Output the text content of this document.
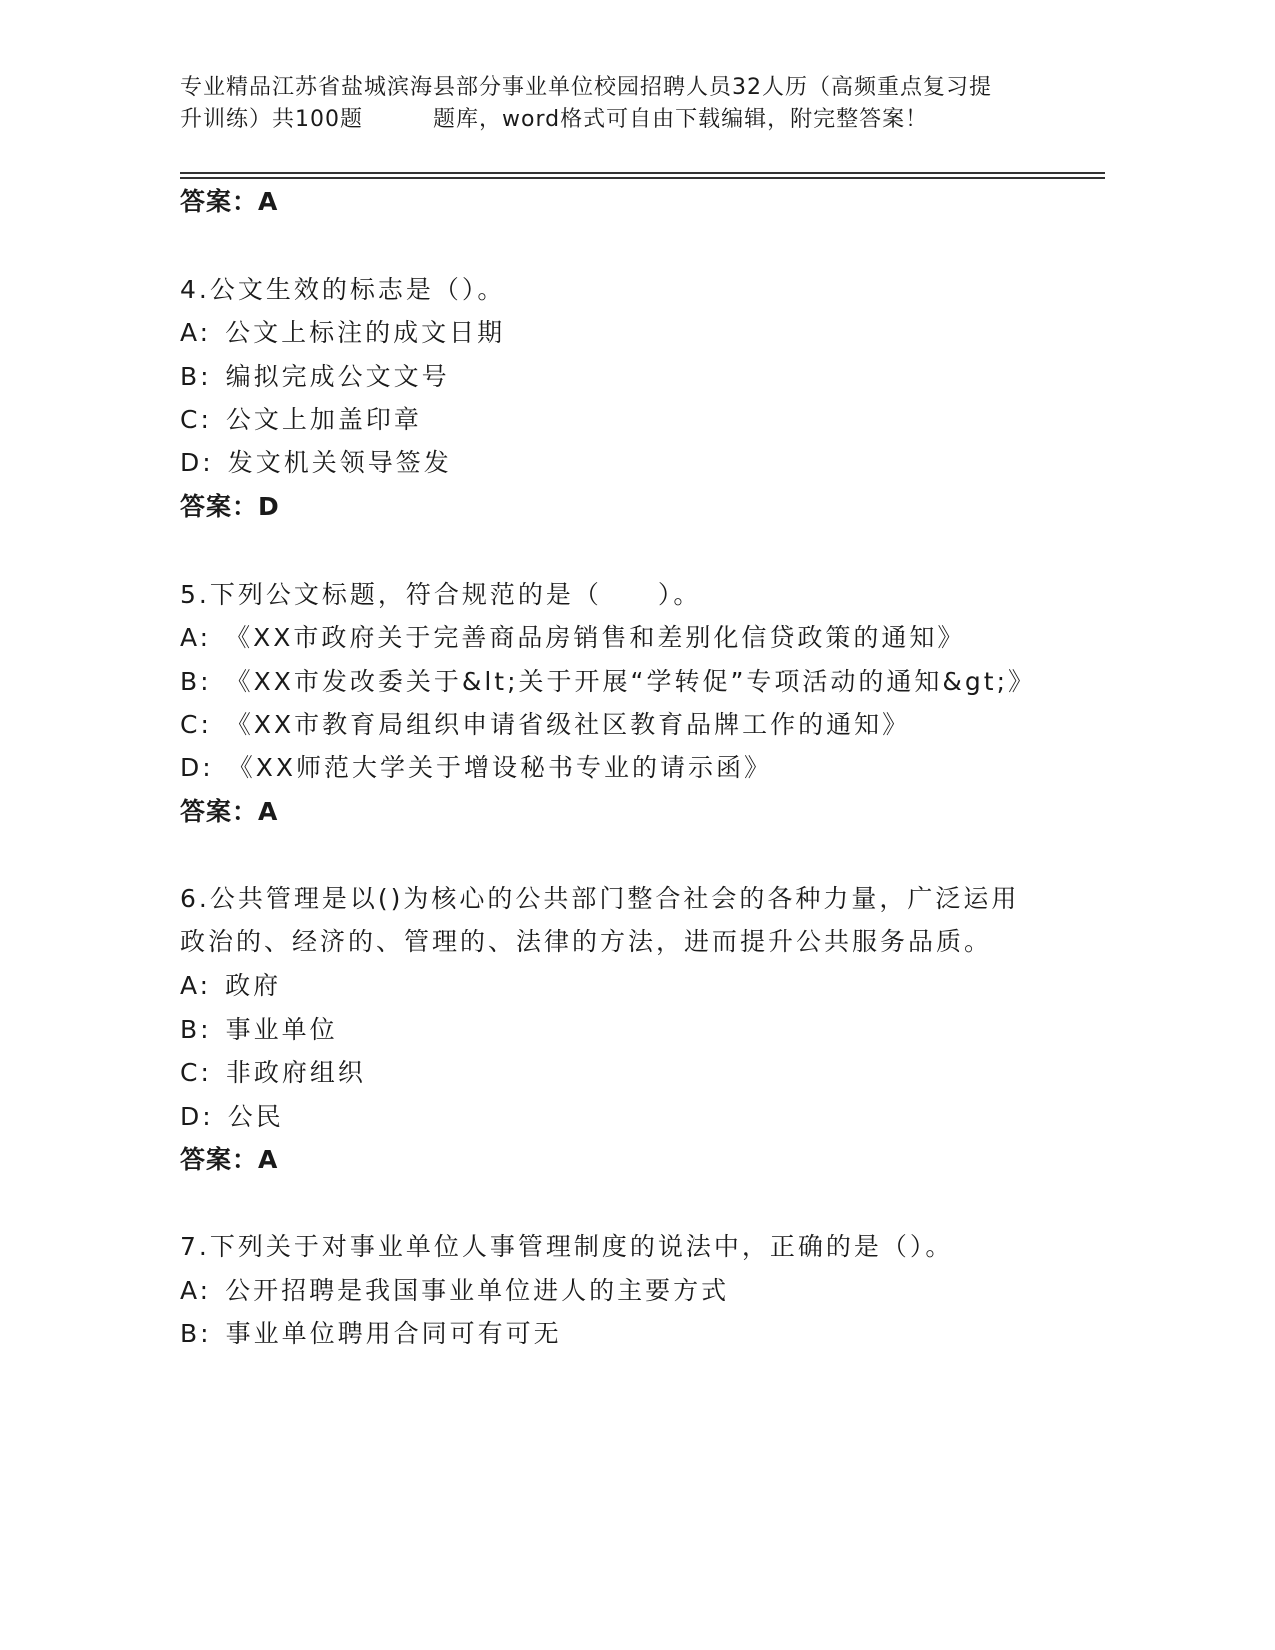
专业精品江苏省盐城滨海县部分事业单位校园招聘人员32人历（高频重点复习提
升训练）共100题	题库，word格式可自由下载编辑，附完整答案！
答案：A
4.公文生效的标志是（）。
A: 公文上标注的成文日期
B: 编拟完成公文文号
C: 公文上加盖印章
D: 发文机关领导签发
答案：D
5.下列公文标题，符合规范的是（　　）。
A: 《XX市政府关于完善商品房销售和差别化信贷政策的通知》
B: 《XX市发改委关于&lt;关于开展“学转促”专项活动的通知&gt;》
C: 《XX市教育局组织申请省级社区教育品牌工作的通知》
D: 《XX师范大学关于增设秘书专业的请示函》
答案：A
6.公共管理是以()为核心的公共部门整合社会的各种力量，广泛运用
政治的、经济的、管理的、法律的方法，进而提升公共服务品质。
A: 政府
B: 事业单位
C: 非政府组织
D: 公民
答案：A
7.下列关于对事业单位人事管理制度的说法中，正确的是（）。
A: 公开招聘是我国事业单位进人的主要方式
B: 事业单位聘用合同可有可无
